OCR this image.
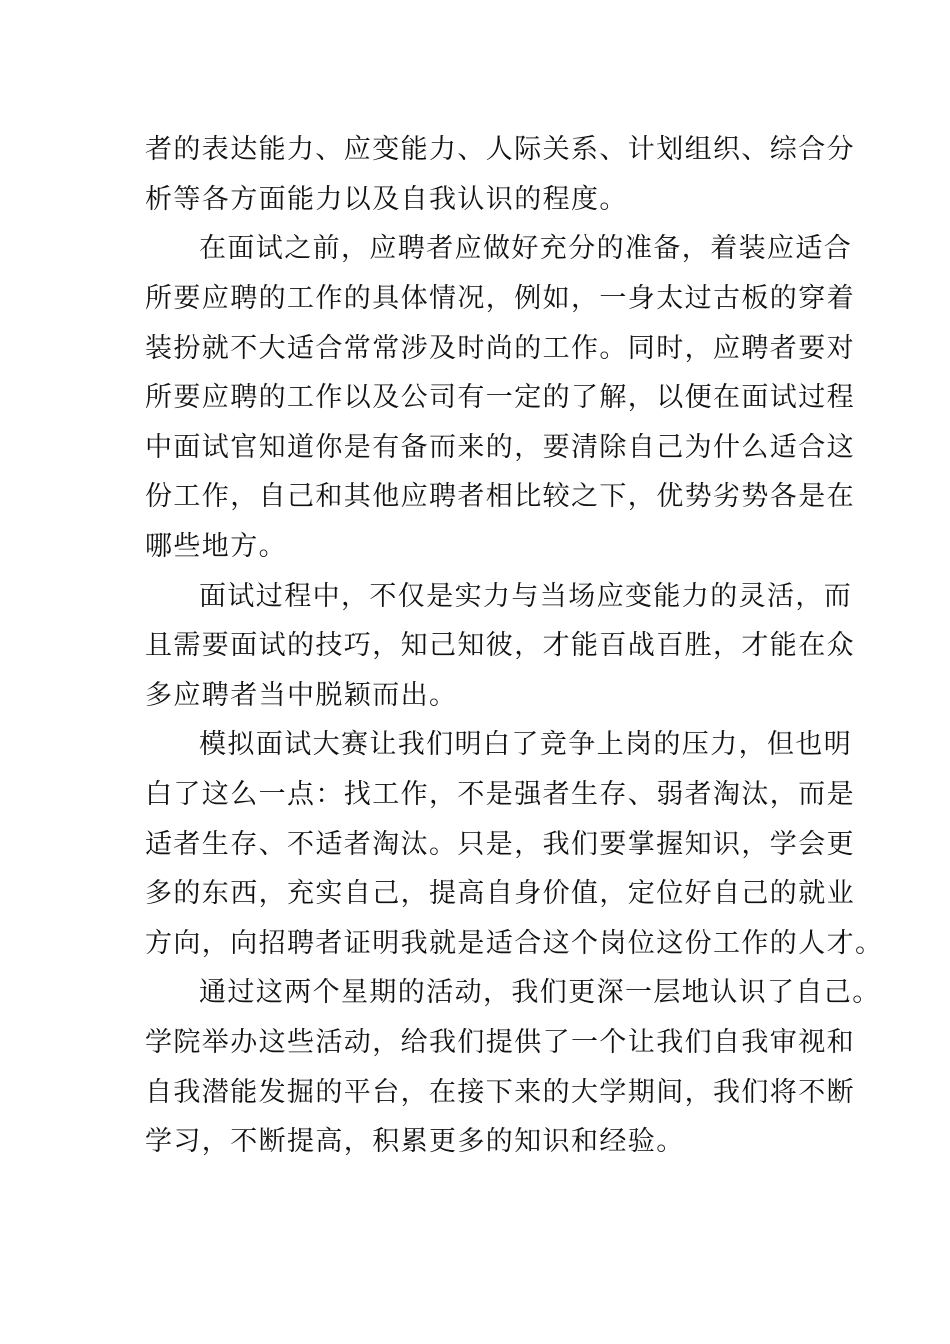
者的表达能力、应变能力、人际关系、计划组织、综合分
析等各方面能力以及自我认识的程度。
在面试之前，应聘者应做好充分的准备，着装应适合
所要应聘的工作的具体情况，例如，一身太过古板的穿着
装扮就不大适合常常涉及时尚的工作。同时，应聘者要对
所要应聘的工作以及公司有一定的了解，以便在面试过程
中面试官知道你是有备而来的，要清除自己为什么适合这
份工作，自己和其他应聘者相比较之下，优势劣势各是在
哪些地方。
面试过程中，不仅是实力与当场应变能力的灵活，而
且需要面试的技巧，知己知彼，才能百战百胜，才能在众
多应聘者当中脱颖而出。
模拟面试大赛让我们明白了竞争上岗的压力，但也明
白了这么一点：找工作，不是强者生存、弱者淘汰，而是
适者生存、不适者淘汰。只是，我们要掌握知识，学会更
多的东西，充实自己，提高自身价值，定位好自己的就业
方向，向招聘者证明我就是适合这个岗位这份工作的人才。
通过这两个星期的活动，我们更深一层地认识了自己。
学院举办这些活动，给我们提供了一个让我们自我审视和
自我潜能发掘的平台，在接下来的大学期间，我们将不断
学习，不断提高，积累更多的知识和经验。
